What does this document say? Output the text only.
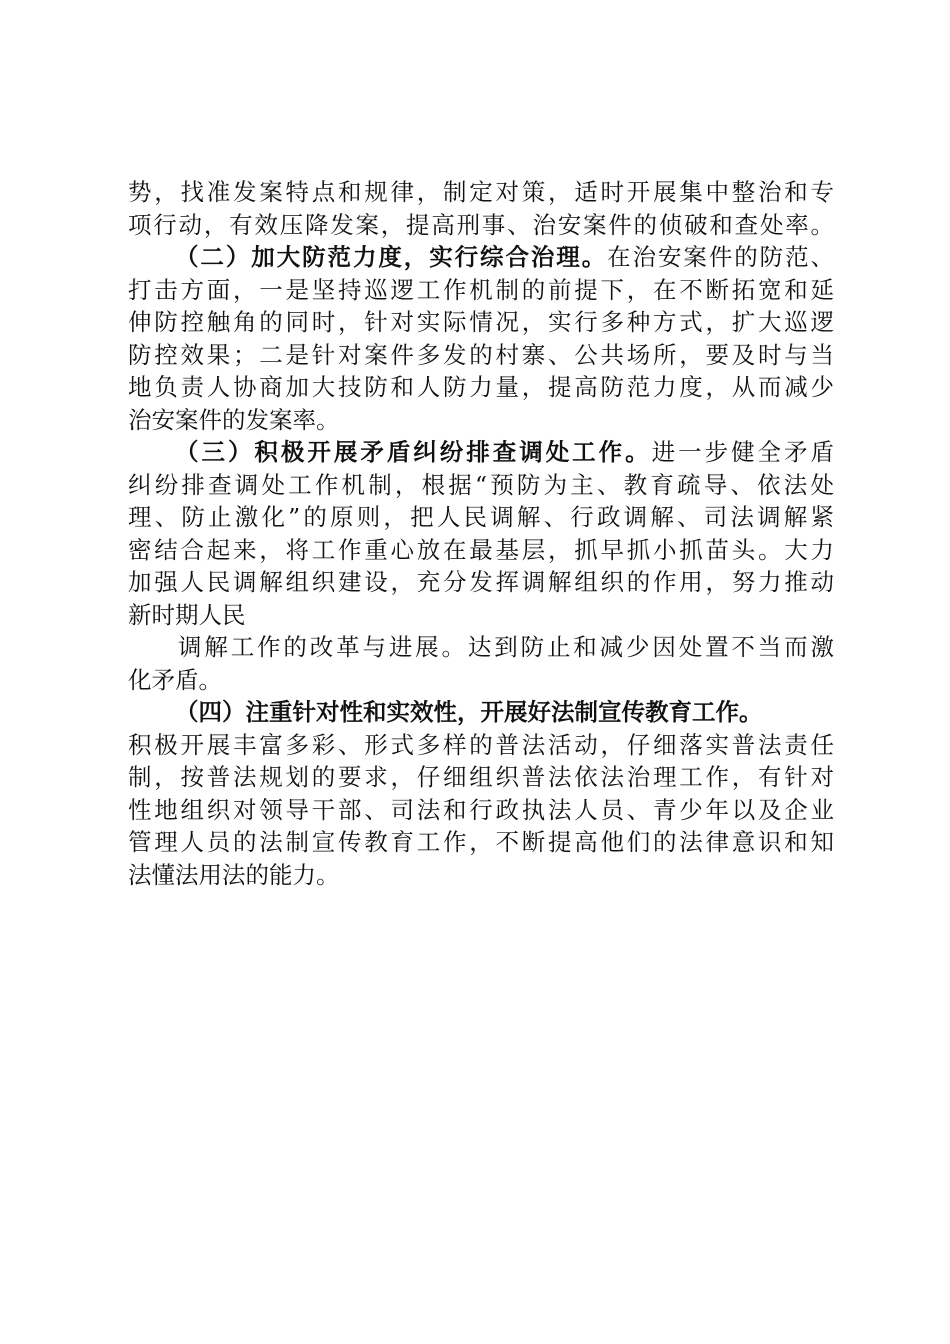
势，找准发案特点和规律，制定对策，适时开展集中整治和专
项行动，有效压降发案，提高刑事、治安案件的侦破和查处率。
（二）加大防范力度，实行综合治理。在治安案件的防范、
打击方面，一是坚持巡逻工作机制的前提下，在不断拓宽和延
伸防控触角的同时，针对实际情况，实行多种方式，扩大巡逻
防控效果；二是针对案件多发的村寨、公共场所，要及时与当
地负责人协商加大技防和人防力量，提高防范力度，从而减少
治安案件的发案率。
（三）积极开展矛盾纠纷排查调处工作。进一步健全矛盾
纠纷排查调处工作机制，根据“预防为主、教育疏导、依法处
理、防止激化”的原则，把人民调解、行政调解、司法调解紧
密结合起来，将工作重心放在最基层，抓早抓小抓苗头。大力
加强人民调解组织建设，充分发挥调解组织的作用，努力推动
新时期人民
调解工作的改革与进展。达到防止和减少因处置不当而激
化矛盾。
（四）注重针对性和实效性，开展好法制宣传教育工作。
积极开展丰富多彩、形式多样的普法活动，仔细落实普法责任
制，按普法规划的要求，仔细组织普法依法治理工作，有针对
性地组织对领导干部、司法和行政执法人员、青少年以及企业
管理人员的法制宣传教育工作，不断提高他们的法律意识和知
法懂法用法的能力。
